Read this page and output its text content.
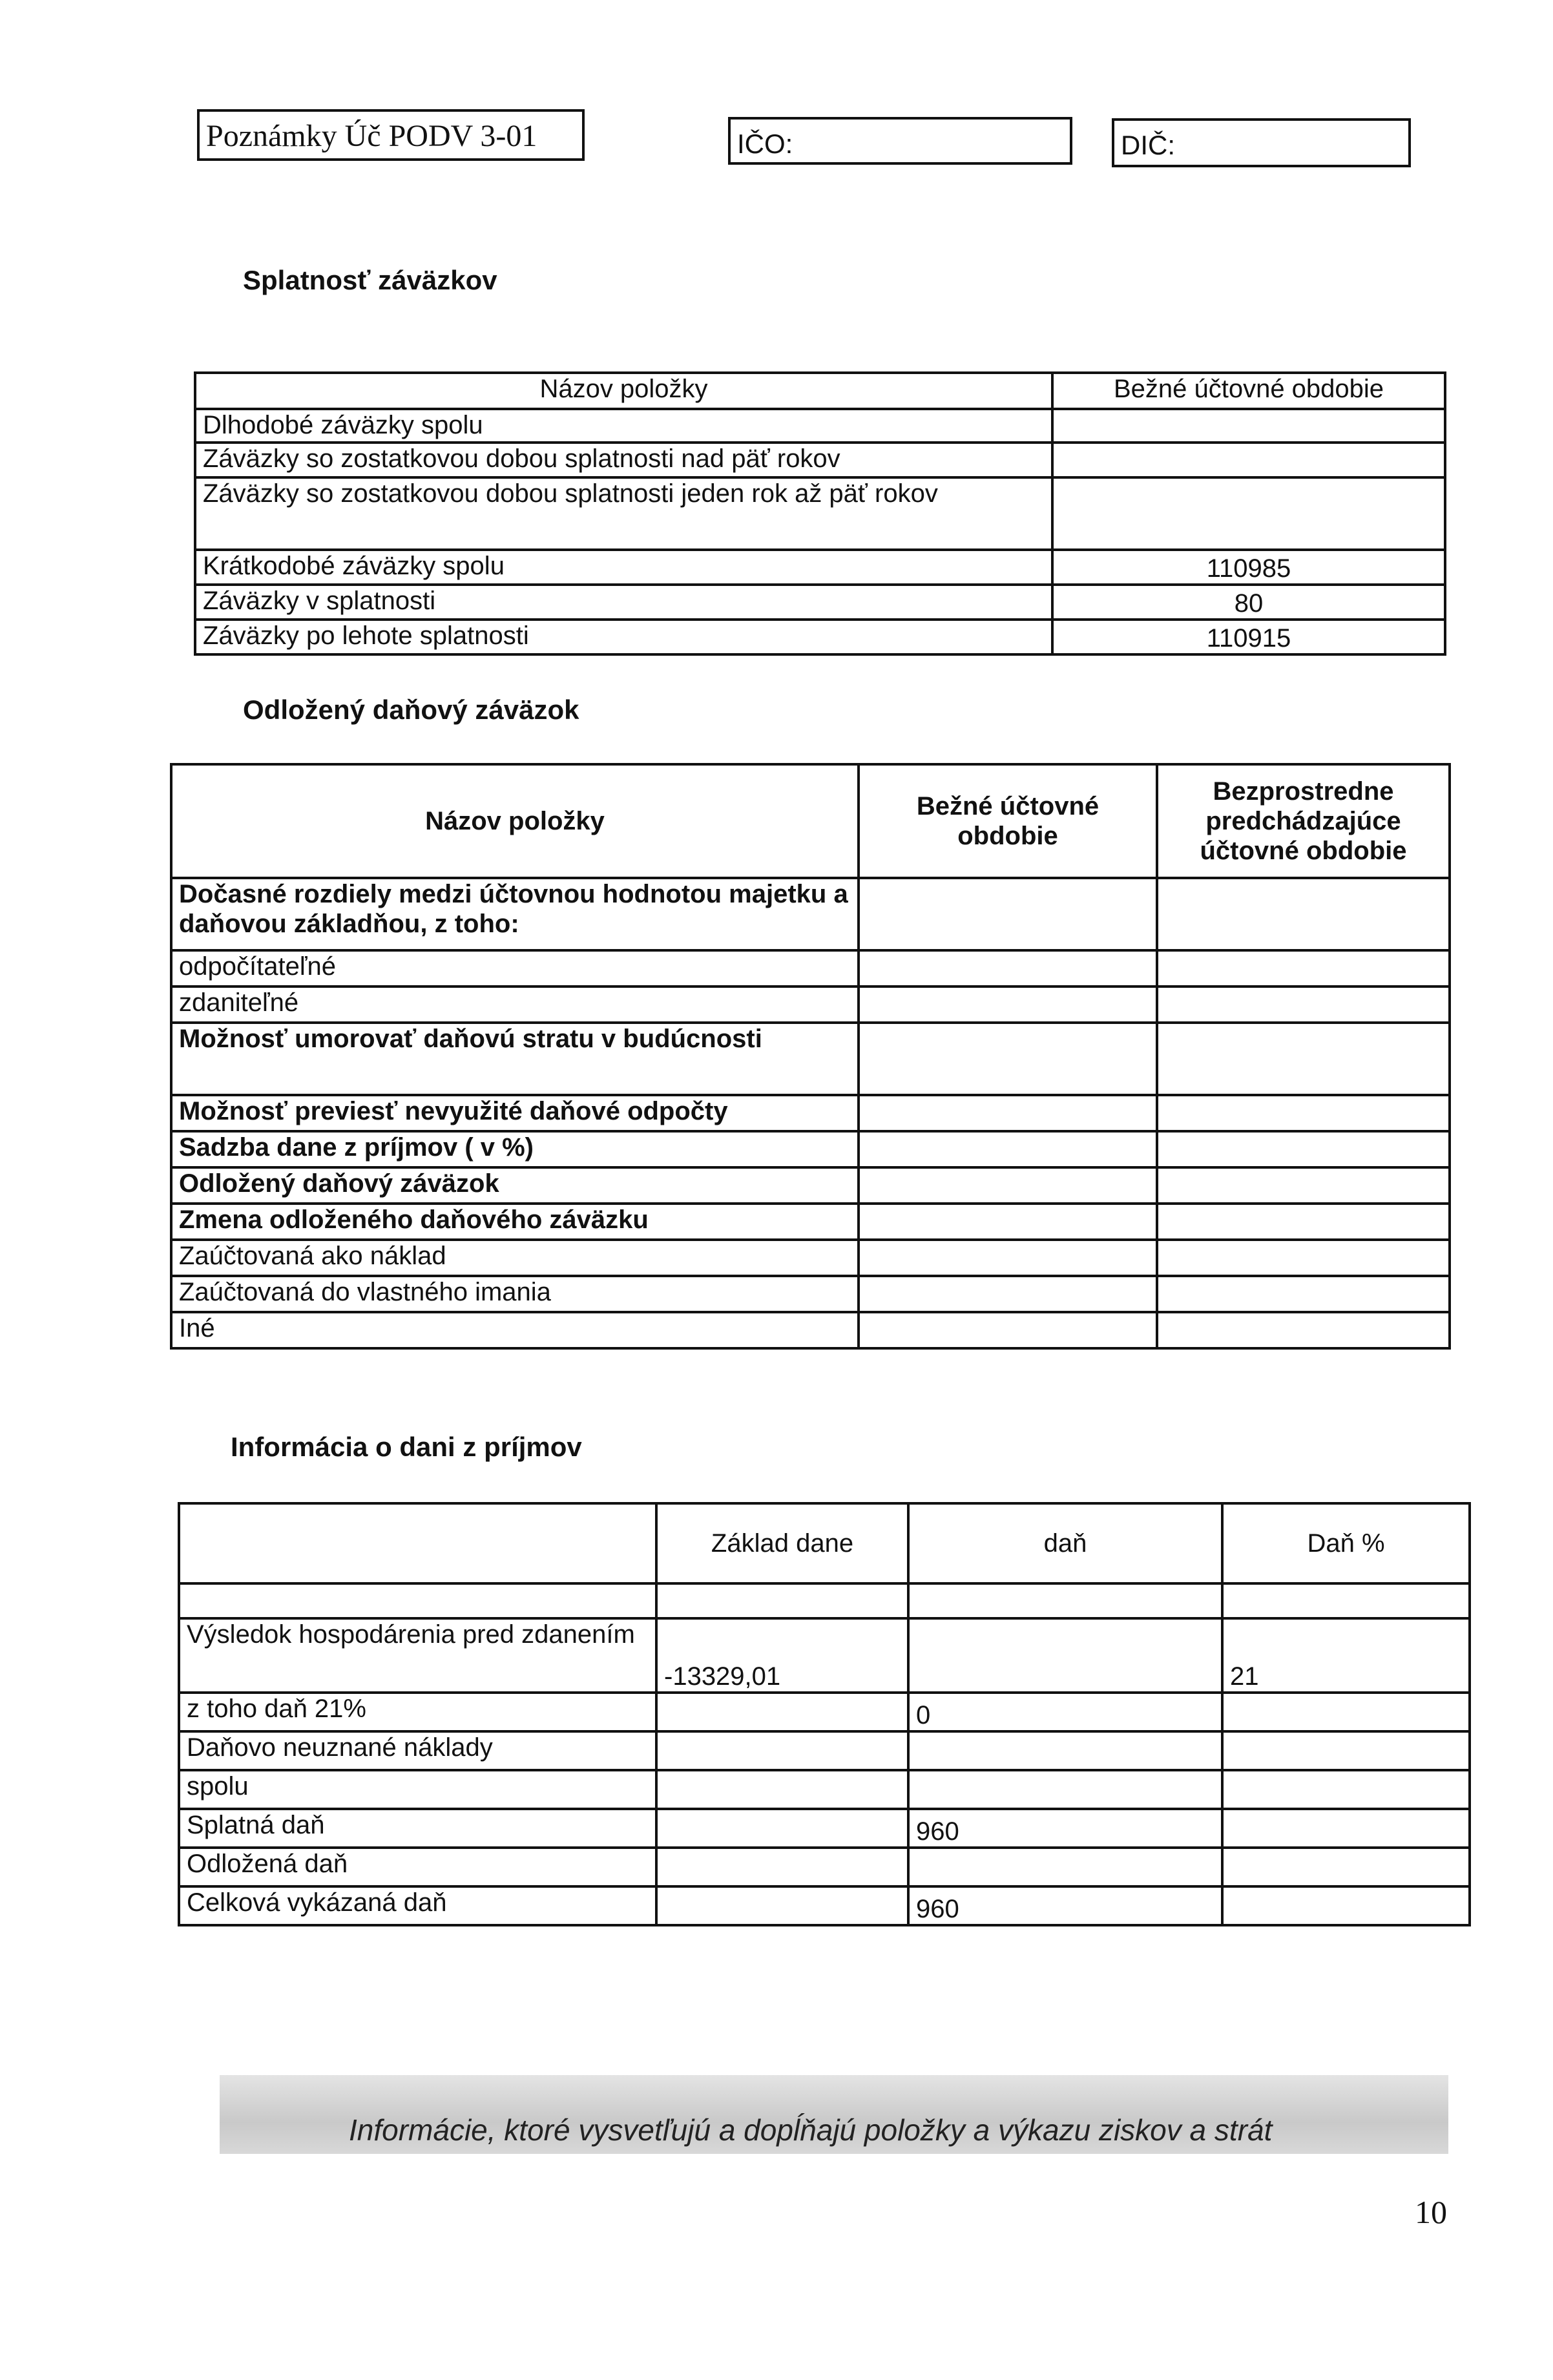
Poznámky Úč PODV 3-01	IČO:	DIČ:
Splatnosť záväzkov
Názov položky	Bežné účtovné obdobie
Dlhodobé záväzky spolu	
Záväzky so zostatkovou dobou splatnosti nad päť rokov	
Záväzky so zostatkovou dobou splatnosti jeden rok až päť rokov	
Krátkodobé záväzky spolu	110985
Záväzky v splatnosti	80
Záväzky po lehote splatnosti	110915
Odložený daňový záväzok
Názov položky	Bežné účtovné obdobie	Bezprostredne predchádzajúce účtovné obdobie
Dočasné rozdiely medzi účtovnou hodnotou majetku a daňovou základňou, z toho:		
odpočítateľné		
zdaniteľné		
Možnosť umorovať daňovú stratu v budúcnosti		
Možnosť previesť nevyužité daňové odpočty		
Sadzba dane z príjmov ( v %)		
Odložený daňový záväzok		
Zmena odloženého daňového záväzku		
Zaúčtovaná ako náklad		
Zaúčtovaná do vlastného imania		
Iné		
Informácia o dani z príjmov
	Základ dane	daň	Daň %

Výsledok hospodárenia pred zdanením	-13329,01		21
z toho daň 21%		0	
Daňovo neuznané náklady			
spolu			
Splatná daň		960	
Odložená daň			
Celková vykázaná daň		960	
Informácie, ktoré vysvetľujú a dopĺňajú položky a výkazu ziskov a strát
10
